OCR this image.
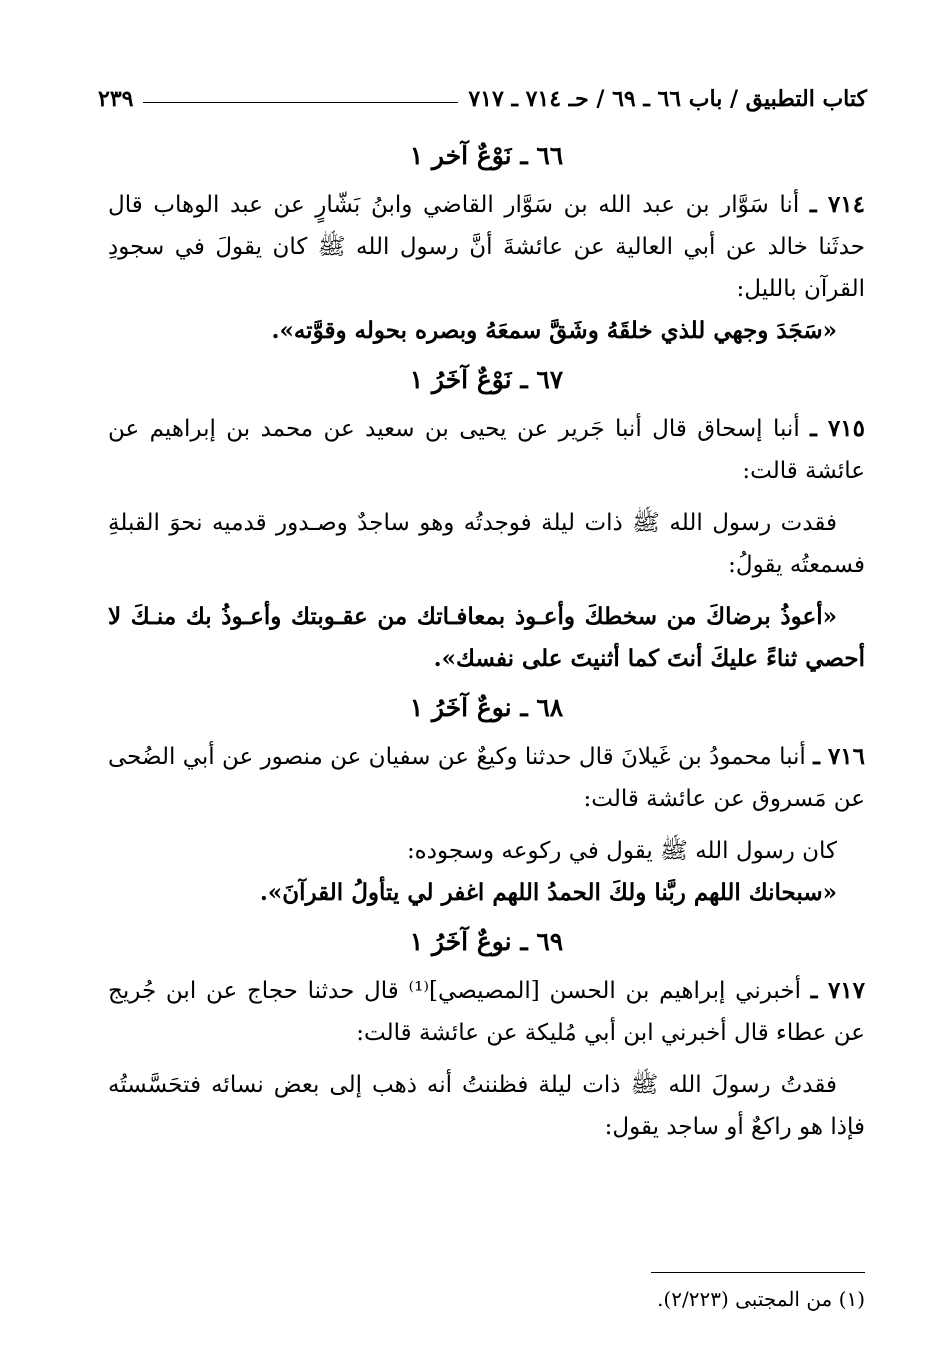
كتاب التطبيق / باب ٦٦ ـ ٦٩ / حـ ٧١٤ ـ ٧١٧
٢٣٩
٦٦ ـ نَوْعٌ آخر ١

٧١٤ ـ أنا سَوَّار بن عبد الله بن سَوَّار القاضي وابنُ بَشّارٍ عن عبد الوهاب قال حدثَنا خالد عن أبي العالية عن عائشةَ أنَّ رسول الله ﷺ كان يقولَ في سجودِ القرآن بالليل:

«سَجَدَ وجهي للذي خلقَهُ وشَقَّ سمعَهُ وبصره بحوله وقوَّته».

٦٧ ـ نَوْعٌ آخَرُ ١

٧١٥ ـ أنبا إسحاق قال أنبا جَرير عن يحيى بن سعيد عن محمد بن إبراهيم عن عائشة قالت:

فقدت رسول الله ﷺ ذات ليلة فوجدتُه وهو ساجدٌ وصـدور قدميه نحوَ القبلةِ فسمعتُه يقولُ:

«أعوذُ برضاكَ من سخطكَ وأعـوذ بمعافـاتك من عقـوبتك وأعـوذُ بك منـكَ لا أحصي ثناءً عليكَ أنتَ كما أثنيتَ على نفسك».

٦٨ ـ نوعٌ آخَرُ ١

٧١٦ ـ أنبا محمودُ بن غَيلانَ قال حدثنا وكيعٌ عن سفيان عن منصور عن أبي الضُحى عن مَسروق عن عائشة قالت:

كان رسول الله ﷺ يقول في ركوعه وسجوده:

«سبحانك اللهم ربَّنا ولكَ الحمدُ اللهم اغفر لي يتأولُ القرآنَ».

٦٩ ـ نوعٌ آخَرُ ١

٧١٧ ـ أخبرني إبراهيم بن الحسن [المصيصي]⁽¹⁾ قال حدثنا حجاج عن ابن جُريج عن عطاء قال أخبرني ابن أبي مُليكة عن عائشة قالت:

فقدتُ رسولَ الله ﷺ ذات ليلة فظننتُ أنه ذهب إلى بعض نسائه فتحَسَّستُه فإذا هو راكعٌ أو ساجد يقول:

(١) من المجتبى (٢/٢٢٣).
